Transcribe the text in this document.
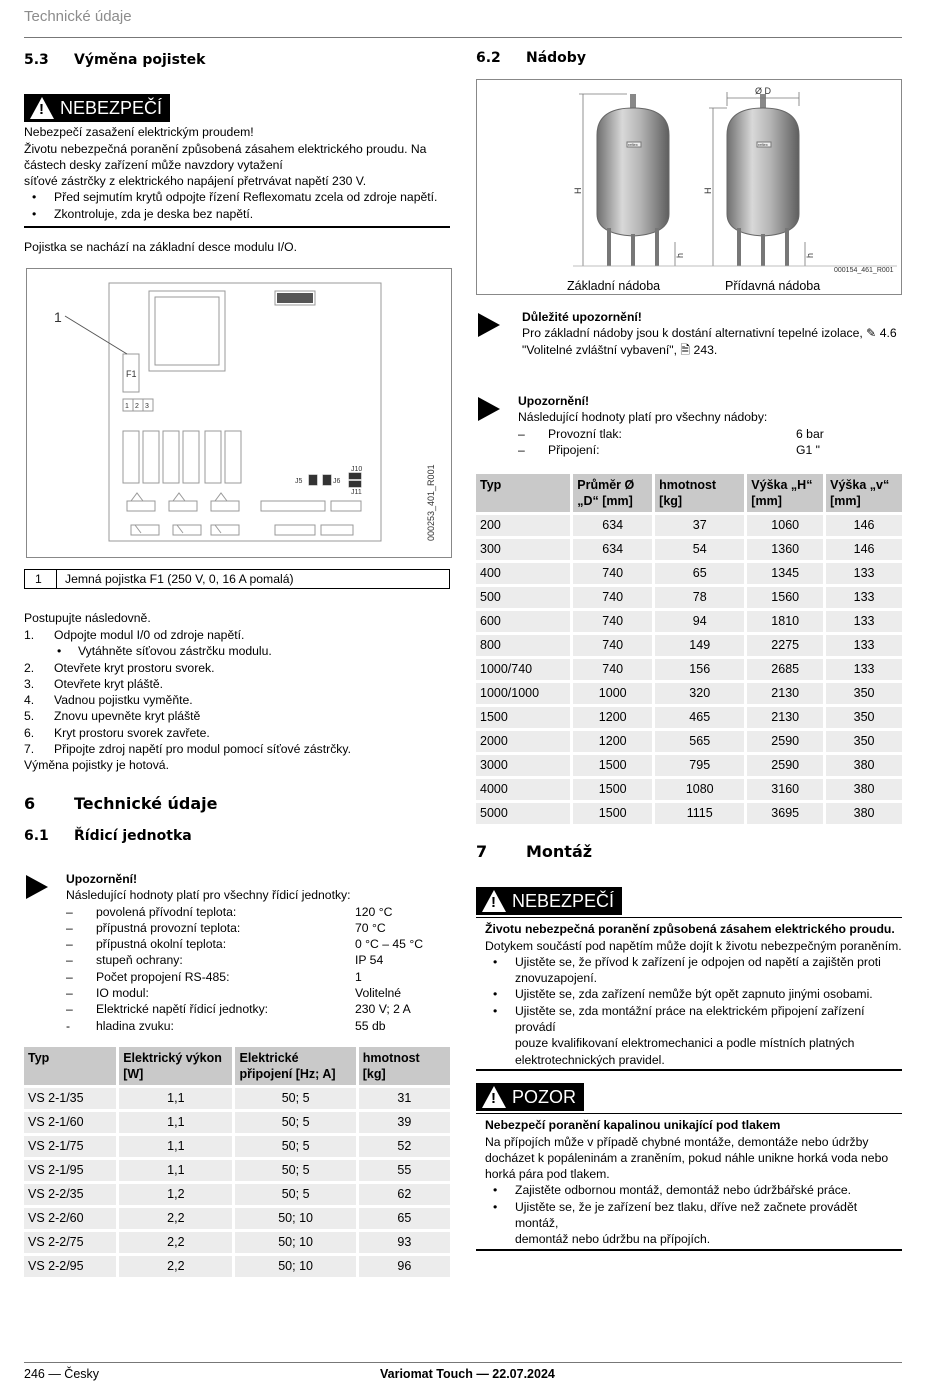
Technické údaje
246 — Česky	Variomat Touch — 22.07.2024
5.3 Výměna pojistek
! NEBEZPEČÍ
Nebezpečí zasažení elektrickým proudem!
Životu nebezpečná poranění způsobená zásahem elektrického proudu. Na
částech desky zařízení může navzdory vytažení
síťové zástrčky z elektrického napájení přetrvávat napětí 230 V.
•	Před sejmutím krytů odpojte řízení Reflexomatu zcela od zdroje napětí.
•	Zkontroluje, zda je deska bez napětí.
Pojistka se nachází na základní desce modulu I/O.
1
F1
1 2 3
J5	J6
J10
J11	000253_401_R001
1	Jemná pojistka F1 (250 V, 0, 16 A pomalá)
Postupujte následovně.
1.	Odpojte modul I/0 od zdroje napětí.
•	Vytáhněte síťovou zástrčku modulu.
2.	Otevřete kryt prostoru svorek.
3.	Otevřete kryt pláště.
4.	Vadnou pojistku vyměňte.
5.	Znovu upevněte kryt pláště
6.	Kryt prostoru svorek zavřete.
7.	Připojte zdroj napětí pro modul pomocí síťové zástrčky.
Výměna pojistky je hotová.
6 Technické údaje
6.1 Řídicí jednotka
Upozornění!
Následující hodnoty platí pro všechny řídicí jednotky:
–	povolená přívodní teplota:	120 °C
–	přípustná provozní teplota:	70 °C
–	přípustná okolní teplota:	0 °C – 45 °C
–	stupeň ochrany:	IP 54
–	Počet propojení RS-485:	1
–	IO modul:	Volitelné
–	Elektrické napětí řídicí jednotky:	230 V; 2 A
-	hladina zvuku:	55 db
Typ	Elektrický výkon [W]	Elektrické připojení [Hz; A]	hmotnost [kg]
VS 2-1/35	1,1	50; 5	31
VS 2-1/60	1,1	50; 5	39
VS 2-1/75	1,1	50; 5	52
VS 2-1/95	1,1	50; 5	55
VS 2-2/35	1,2	50; 5	62
VS 2-2/60	2,2	50; 10	65
VS 2-2/75	2,2	50; 10	93
VS 2-2/95	2,2	50; 10	96
6.2 Nádoby
Ø D
H	H
h	h
reflex	reflex
000154_461_R001
Základní nádoba	Přídavná nádoba
Důležité upozornění!
Pro základní nádoby jsou k dostání alternativní tepelné izolace, ✎ 4.6
"Volitelné zvláštní vybavení", 🗎 243.
Upozornění!
Následující hodnoty platí pro všechny nádoby:
–	Provozní tlak:	6 bar
–	Připojení:	G1 "
Typ	Průměr Ø „D“ [mm]	hmotnost [kg]	Výška „H“ [mm]	Výška „v“ [mm]
200	634	37	1060	146
300	634	54	1360	146
400	740	65	1345	133
500	740	78	1560	133
600	740	94	1810	133
800	740	149	2275	133
1000/740	740	156	2685	133
1000/1000	1000	320	2130	350
1500	1200	465	2130	350
2000	1200	565	2590	350
3000	1500	795	2590	380
4000	1500	1080	3160	380
5000	1500	1115	3695	380
7 Montáž
! NEBEZPEČÍ
Životu nebezpečná poranění způsobená zásahem elektrického proudu.
Dotykem součástí pod napětím může dojít k životu nebezpečným poraněním.
•	Ujistěte se, že přívod k zařízení je odpojen od napětí a zajištěn proti
znovuzapojení.
•	Ujistěte se, zda zařízení nemůže být opět zapnuto jinými osobami.
•	Ujistěte se, zda montážní práce na elektrickém připojení zařízení provádí
pouze kvalifikovaní elektromechanici a podle místních platných
elektrotechnických pravidel.
! POZOR
Nebezpečí poranění kapalinou unikající pod tlakem
Na přípojích může v případě chybné montáže, demontáže nebo údržby
docházet k popáleninám a zraněním, pokud náhle unikne horká voda nebo
horká pára pod tlakem.
•	Zajistěte odbornou montáž, demontáž nebo údržbářské práce.
•	Ujistěte se, že je zařízení bez tlaku, dříve než začnete provádět montáž,
demontáž nebo údržbu na přípojích.
